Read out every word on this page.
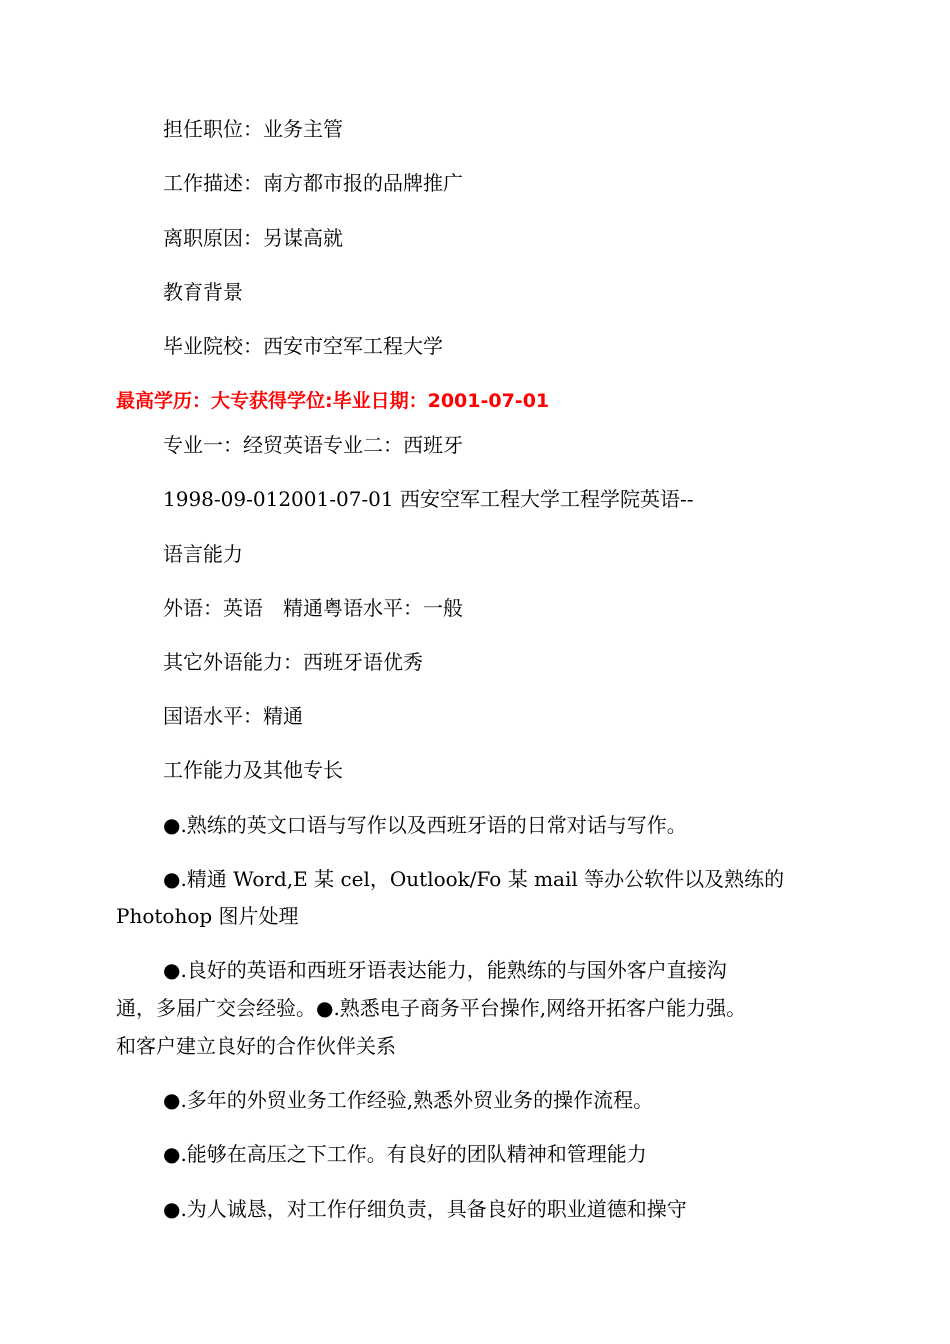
担任职位：业务主管
工作描述：南方都市报的品牌推广
离职原因：另谋高就
教育背景
毕业院校：西安市空军工程大学
最高学历：大专获得学位:毕业日期：2001-07-01
专业一：经贸英语专业二：西班牙
1998-09-012001-07-01 西安空军工程大学工程学院英语--
语言能力
外语：英语　精通粤语水平：一般
其它外语能力：西班牙语优秀
国语水平：精通
工作能力及其他专长
●.熟练的英文口语与写作以及西班牙语的日常对话与写作。
●.精通 Word,E 某 cel，Outlook/Fo 某 mail 等办公软件以及熟练的
Photohop 图片处理
●.良好的英语和西班牙语表达能力，能熟练的与国外客户直接沟
通，多届广交会经验。●.熟悉电子商务平台操作,网络开拓客户能力强。
和客户建立良好的合作伙伴关系
●.多年的外贸业务工作经验,熟悉外贸业务的操作流程。
●.能够在高压之下工作。有良好的团队精神和管理能力
●.为人诚恳，对工作仔细负责，具备良好的职业道德和操守
